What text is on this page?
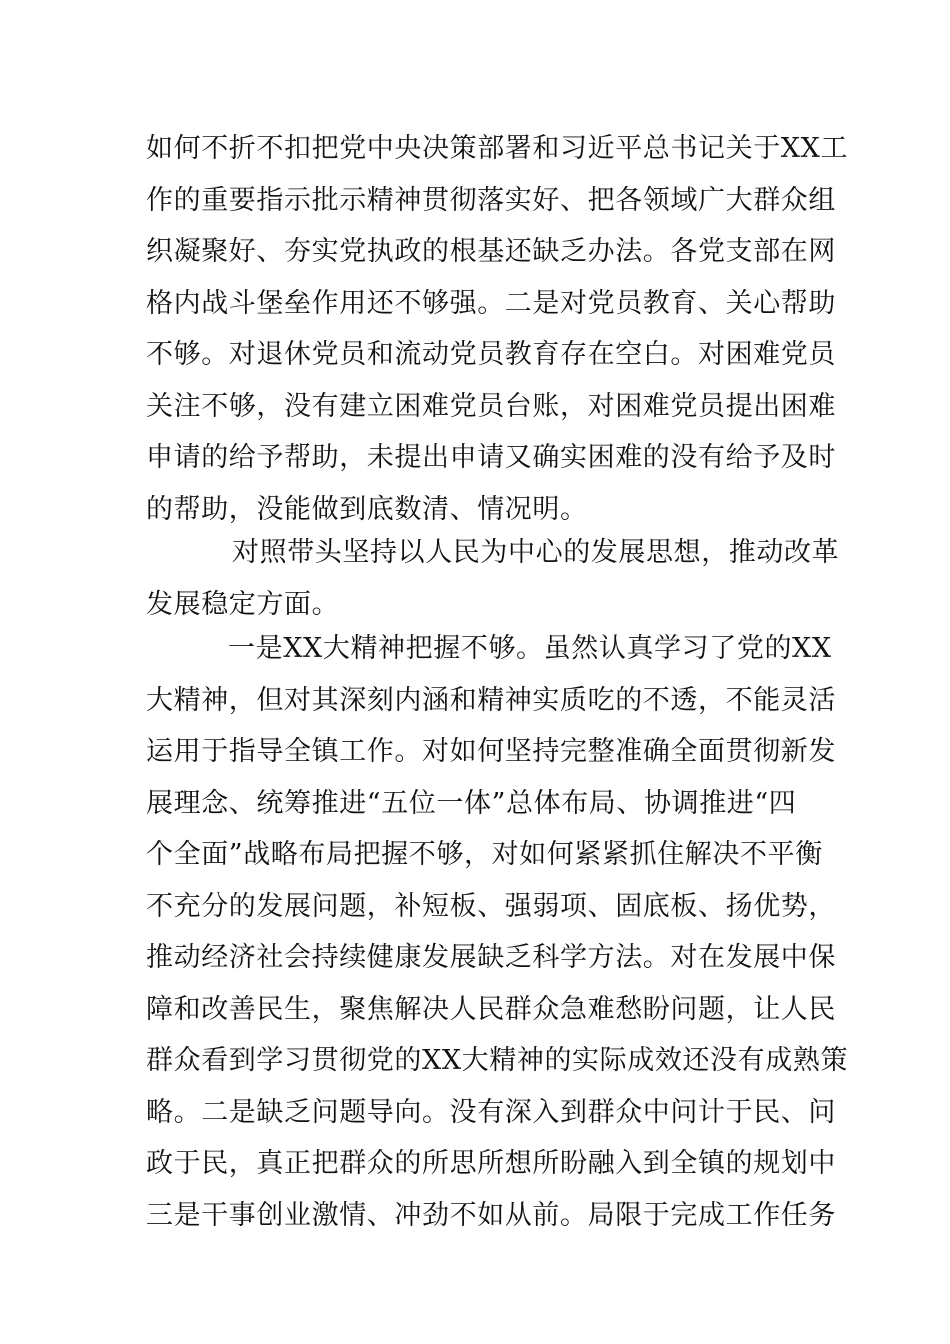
如何不折不扣把党中央决策部署和习近平总书记关于XX工
作的重要指示批示精神贯彻落实好、把各领域广大群众组
织凝聚好、夯实党执政的根基还缺乏办法。各党支部在网
格内战斗堡垒作用还不够强。二是对党员教育、关心帮助
不够。对退休党员和流动党员教育存在空白。对困难党员
关注不够，没有建立困难党员台账，对困难党员提出困难
申请的给予帮助，未提出申请又确实困难的没有给予及时
的帮助，没能做到底数清、情况明。
对照带头坚持以人民为中心的发展思想，推动改革
发展稳定方面。
一是XX大精神把握不够。虽然认真学习了党的XX
大精神，但对其深刻内涵和精神实质吃的不透，不能灵活
运用于指导全镇工作。对如何坚持完整准确全面贯彻新发
展理念、统筹推进“五位一体”总体布局、协调推进“四
个全面”战略布局把握不够，对如何紧紧抓住解决不平衡
不充分的发展问题，补短板、强弱项、固底板、扬优势，
推动经济社会持续健康发展缺乏科学方法。对在发展中保
障和改善民生，聚焦解决人民群众急难愁盼问题，让人民
群众看到学习贯彻党的XX大精神的实际成效还没有成熟策
略。二是缺乏问题导向。没有深入到群众中问计于民、问
政于民，真正把群众的所思所想所盼融入到全镇的规划中
三是干事创业激情、冲劲不如从前。局限于完成工作任务
